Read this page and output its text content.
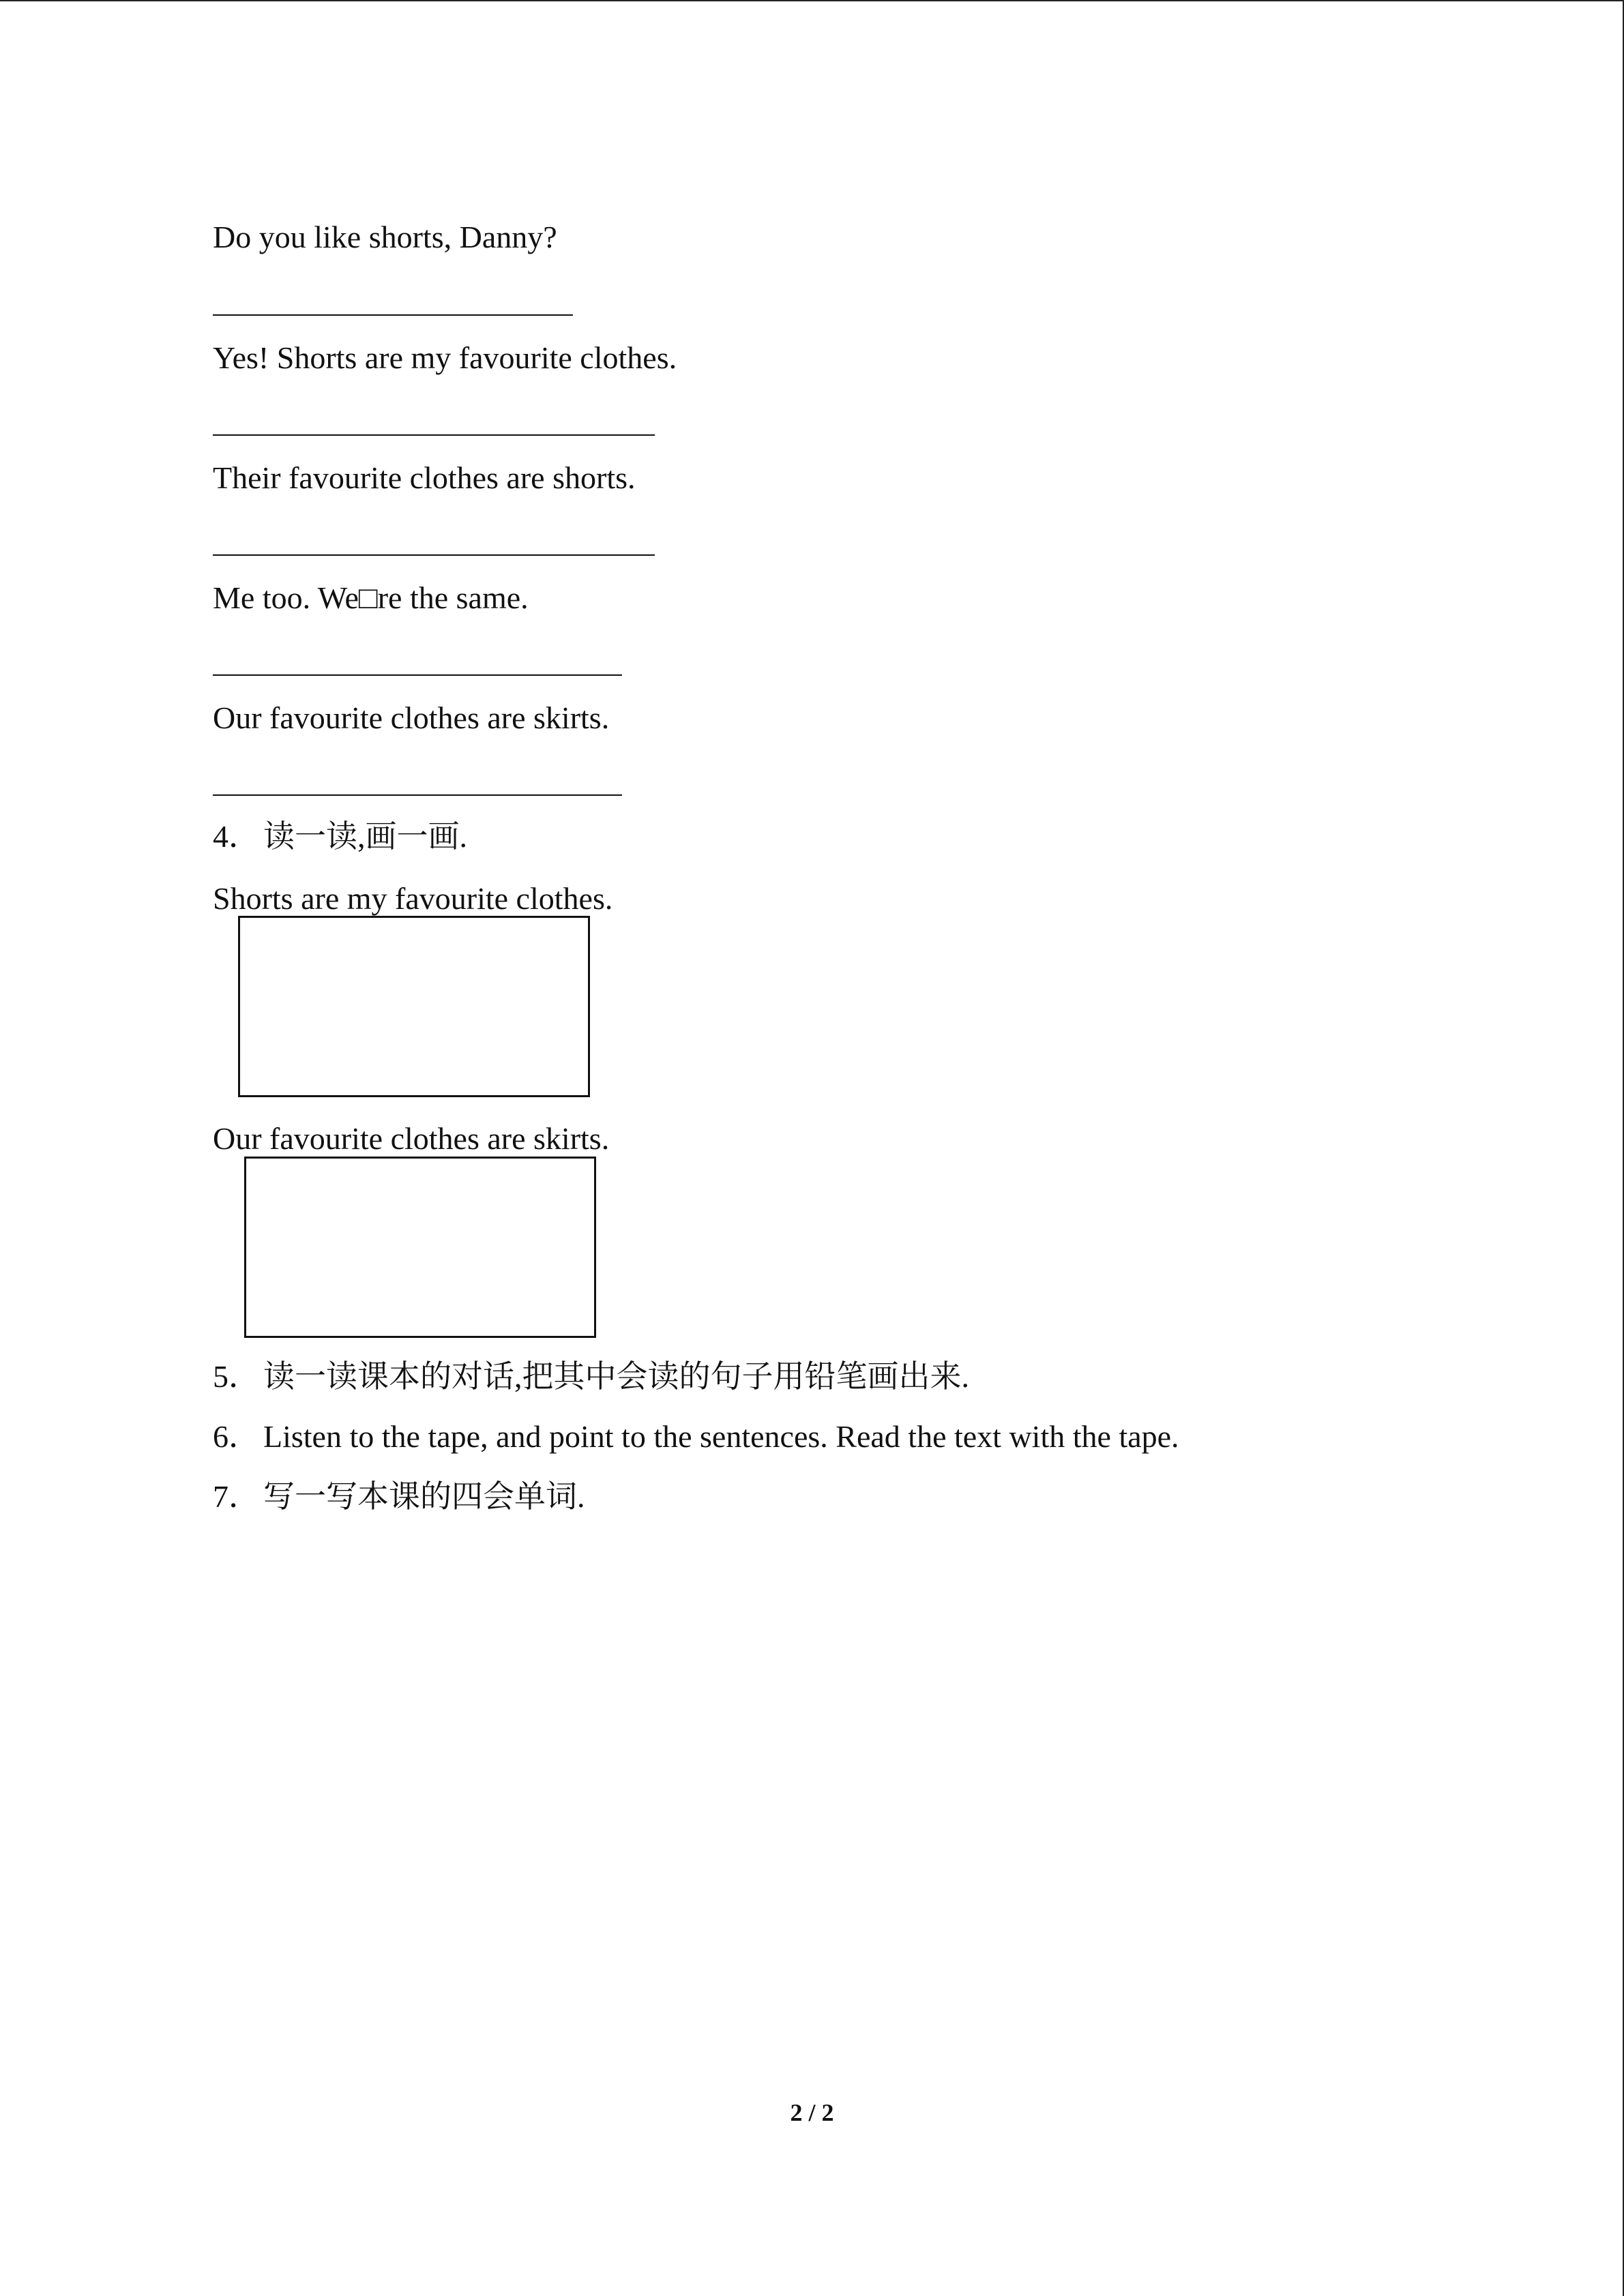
Do you like shorts, Danny?
Yes! Shorts are my favourite clothes.
Their favourite clothes are shorts.
Me too. We□re the same.
Our favourite clothes are skirts.
4． 读一读,画一画.
Shorts are my favourite clothes.
Our favourite clothes are skirts.
5． 读一读课本的对话,把其中会读的句子用铅笔画出来.
6． Listen to the tape, and point to the sentences. Read the text with the tape.
7． 写一写本课的四会单词.
2 / 2
